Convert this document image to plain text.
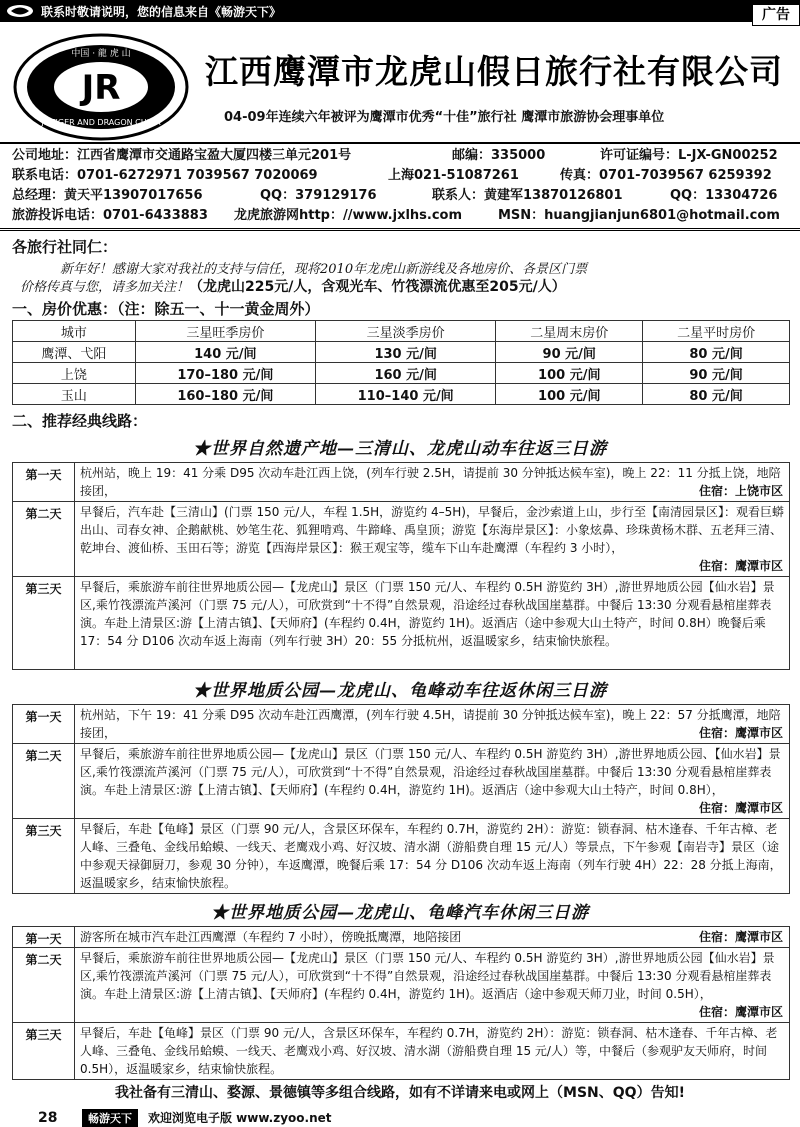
联系时敬请说明，您的信息来自《畅游天下》	广告
JR
中国 · 龍 虎 山
JMTIGER AND DRAGON CHINA
江西鹰潭市龙虎山假日旅行社有限公司
04-09年连续六年被评为鹰潭市优秀“十佳”旅行社 鹰潭市旅游协会理事单位
公司地址：江西省鹰潭市交通路宝盈大厦四楼三单元201号	邮编：335000	许可证编号：L-JX-GN00252
联系电话：0701-6272971 7039567 7020069	上海021-51087261	传真：0701-7039567 6259392
总经理：黄天平13907017656	QQ：379129176	联系人：黄建军13870126801	QQ：13304726
旅游投诉电话：0701-6433883 龙虎旅游网http：//www.jxlhs.com	MSN：huangjianjun6801@hotmail.com
各旅行社同仁：
新年好！感谢大家对我社的支持与信任，现将2010年龙虎山新游线及各地房价、各景区门票
价格传真与您，请多加关注！（龙虎山225元/人，含观光车、竹筏漂流优惠至205元/人）
一、房价优惠：（注：除五一、十一黄金周外）
城市	三星旺季房价	三星淡季房价	二星周末房价	二星平时房价
鹰潭、弋阳	140 元/间	130 元/间	90 元/间	80 元/间
上饶	170–180 元/间	160 元/间	100 元/间	90 元/间
玉山	160–180 元/间	110–140 元/间	100 元/间	80 元/间
二、推荐经典线路：
★世界自然遗产地—三清山、龙虎山动车往返三日游
第一天	杭州站，晚上 19：41 分乘 D95 次动车赴江西上饶，(列车行驶 2.5H，请提前 30 分钟抵达候车室)，晚上 22：11 分抵上饶，地陪接团，	住宿：上饶市区
第二天	早餐后，汽车赴【三清山】(门票 150 元/人，车程 1.5H，游览约 4–5H)，早餐后，金沙索道上山，步行至【南清园景区】：观看巨蟒出山、司春女神、企鹅献桃、妙笔生花、狐狸啃鸡、牛蹄峰、禹皇顶；游览【东海岸景区】：小象炫鼻、珍珠黄杨木群、五老拜三清、乾坤台、渡仙桥、玉田石等；游览【西海岸景区】：猴王观宝等，缆车下山车赴鹰潭（车程约 3 小时），
住宿：鹰潭市区
第三天	早餐后，乘旅游车前往世界地质公园—【龙虎山】景区（门票 150 元/人、车程约 0.5H 游览约 3H）,游世界地质公园【仙水岩】景区,乘竹筏漂流芦溪河（门票 75 元/人），可欣赏到“十不得”自然景观，沿途经过春秋战国崖墓群。中餐后 13:30 分观看悬棺崖葬表演。车赴上清景区:游【上清古镇】、【天师府】(车程约 0.4H，游览约 1H)。返酒店（途中参观大山土特产，时间 0.8H）晚餐后乘 17：54 分 D106 次动车返上海南（列车行驶 3H）20：55 分抵杭州，返温暖家乡，结束愉快旅程。
★世界地质公园—龙虎山、龟峰动车往返休闲三日游
第一天	杭州站，下午 19：41 分乘 D95 次动车赴江西鹰潭，(列车行驶 4.5H，请提前 30 分钟抵达候车室)，晚上 22：57 分抵鹰潭，地陪接团，	住宿：鹰潭市区
第二天	早餐后，乘旅游车前往世界地质公园—【龙虎山】景区（门票 150 元/人、车程约 0.5H 游览约 3H）,游世界地质公园、【仙水岩】景区,乘竹筏漂流芦溪河（门票 75 元/人），可欣赏到“十不得”自然景观，沿途经过春秋战国崖墓群。中餐后 13:30 分观看悬棺崖葬表演。车赴上清景区:游【上清古镇】、【天师府】(车程约 0.4H，游览约 1H)。返酒店（途中参观大山土特产，时间 0.8H），
住宿：鹰潭市区
第三天	早餐后，车赴【龟峰】景区（门票 90 元/人，含景区环保车，车程约 0.7H，游览约 2H）：游览：锁春洞、枯木逢春、千年古樟、老人峰、三叠龟、金线吊蛤蟆、一线天、老鹰戏小鸡、好汉坡、清水湖（游船费自理 15 元/人）等景点，下午参观【南岩寺】景区（途中参观天禄御厨刀，参观 30 分钟），车返鹰潭，晚餐后乘 17：54 分 D106 次动车返上海南（列车行驶 4H）22：28 分抵上海南，返温暖家乡，结束愉快旅程。
★世界地质公园—龙虎山、龟峰汽车休闲三日游
第一天	游客所在城市汽车赴江西鹰潭（车程约 7 小时），傍晚抵鹰潭，地陪接团	住宿：鹰潭市区
第二天	早餐后，乘旅游车前往世界地质公园—【龙虎山】景区（门票 150 元/人、车程约 0.5H 游览约 3H）,游世界地质公园【仙水岩】景区,乘竹筏漂流芦溪河（门票 75 元/人），可欣赏到“十不得”自然景观，沿途经过春秋战国崖墓群。中餐后 13:30 分观看悬棺崖葬表演。车赴上清景区:游【上清古镇】、【天师府】(车程约 0.4H，游览约 1H)。返酒店（途中参观天师刀业，时间 0.5H），
住宿：鹰潭市区
第三天	早餐后，车赴【龟峰】景区（门票 90 元/人，含景区环保车，车程约 0.7H，游览约 2H）：游览：锁春洞、枯木逢春、千年古樟、老人峰、三叠龟、金线吊蛤蟆、一线天、老鹰戏小鸡、好汉坡、清水湖（游船费自理 15 元/人）等，中餐后（参观驴友天师府，时间 0.5H），返温暖家乡，结束愉快旅程。
我社备有三清山、婺源、景德镇等多组合线路，如有不详请来电或网上（MSN、QQ）告知!
28	畅游天下	欢迎浏览电子版 www.zyoo.net
